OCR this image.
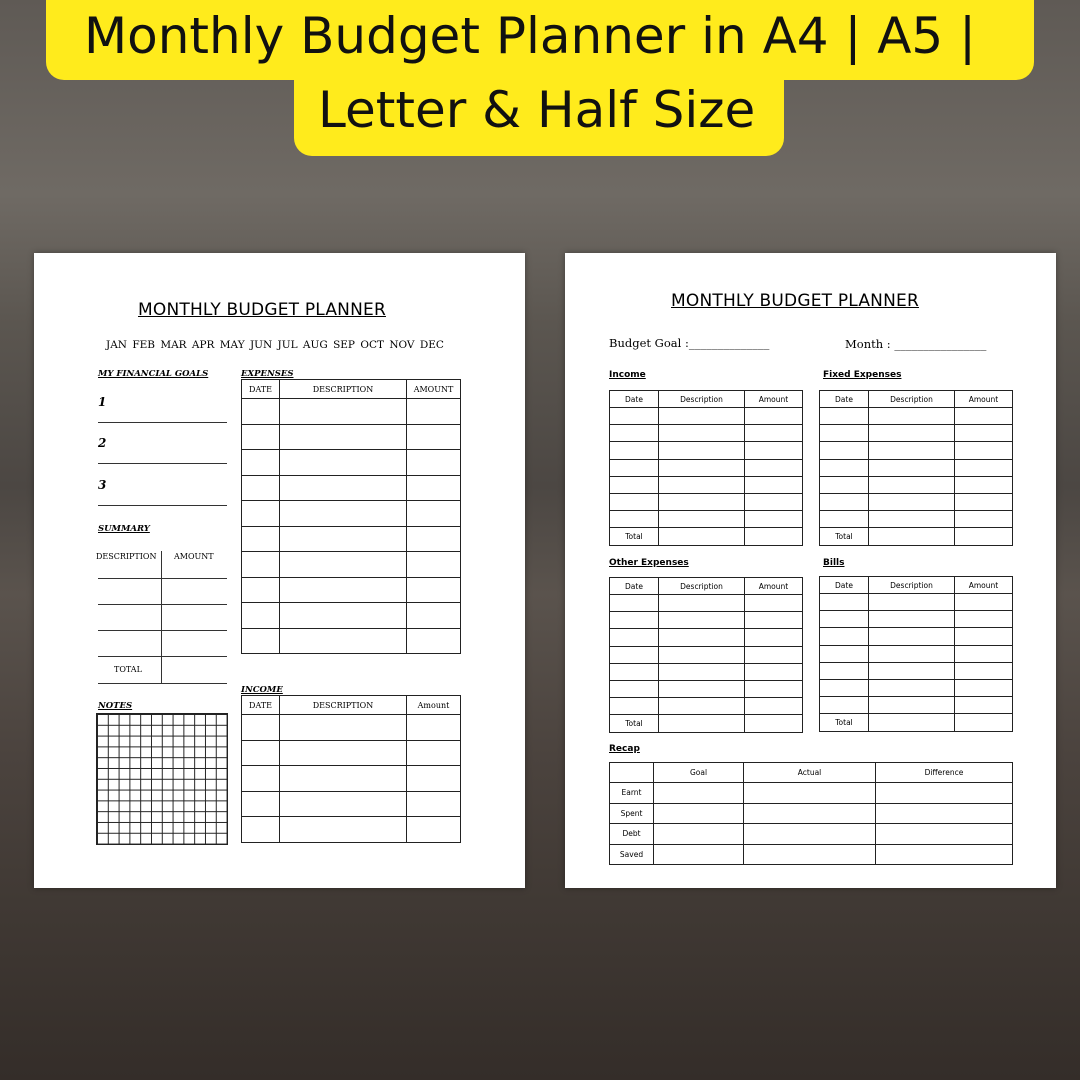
Monthly Budget Planner in A4 | A5 |
Letter & Half Size
MONTHLY BUDGET PLANNER
JAN FEB MAR APR MAY JUN JUL AUG SEP OCT NOV DEC
MY FINANCIAL GOALS
1
2
3
SUMMARY
DESCRIPTION AMOUNT
TOTAL
NOTES
EXPENSES
DATE	DESCRIPTION	AMOUNT

INCOME
DATE	DESCRIPTION	Amount

MONTHLY BUDGET PLANNER
Budget Goal :______________	Month : ________________
Income
Date	Description	Amount

Total		
Fixed Expenses
Date	Description	Amount

Total		
Other Expenses
Date	Description	Amount

Total		
Bills
Date	Description	Amount

Total		
Recap
	Goal	Actual	Difference
Earnt			
Spent			
Debt			
Saved			
